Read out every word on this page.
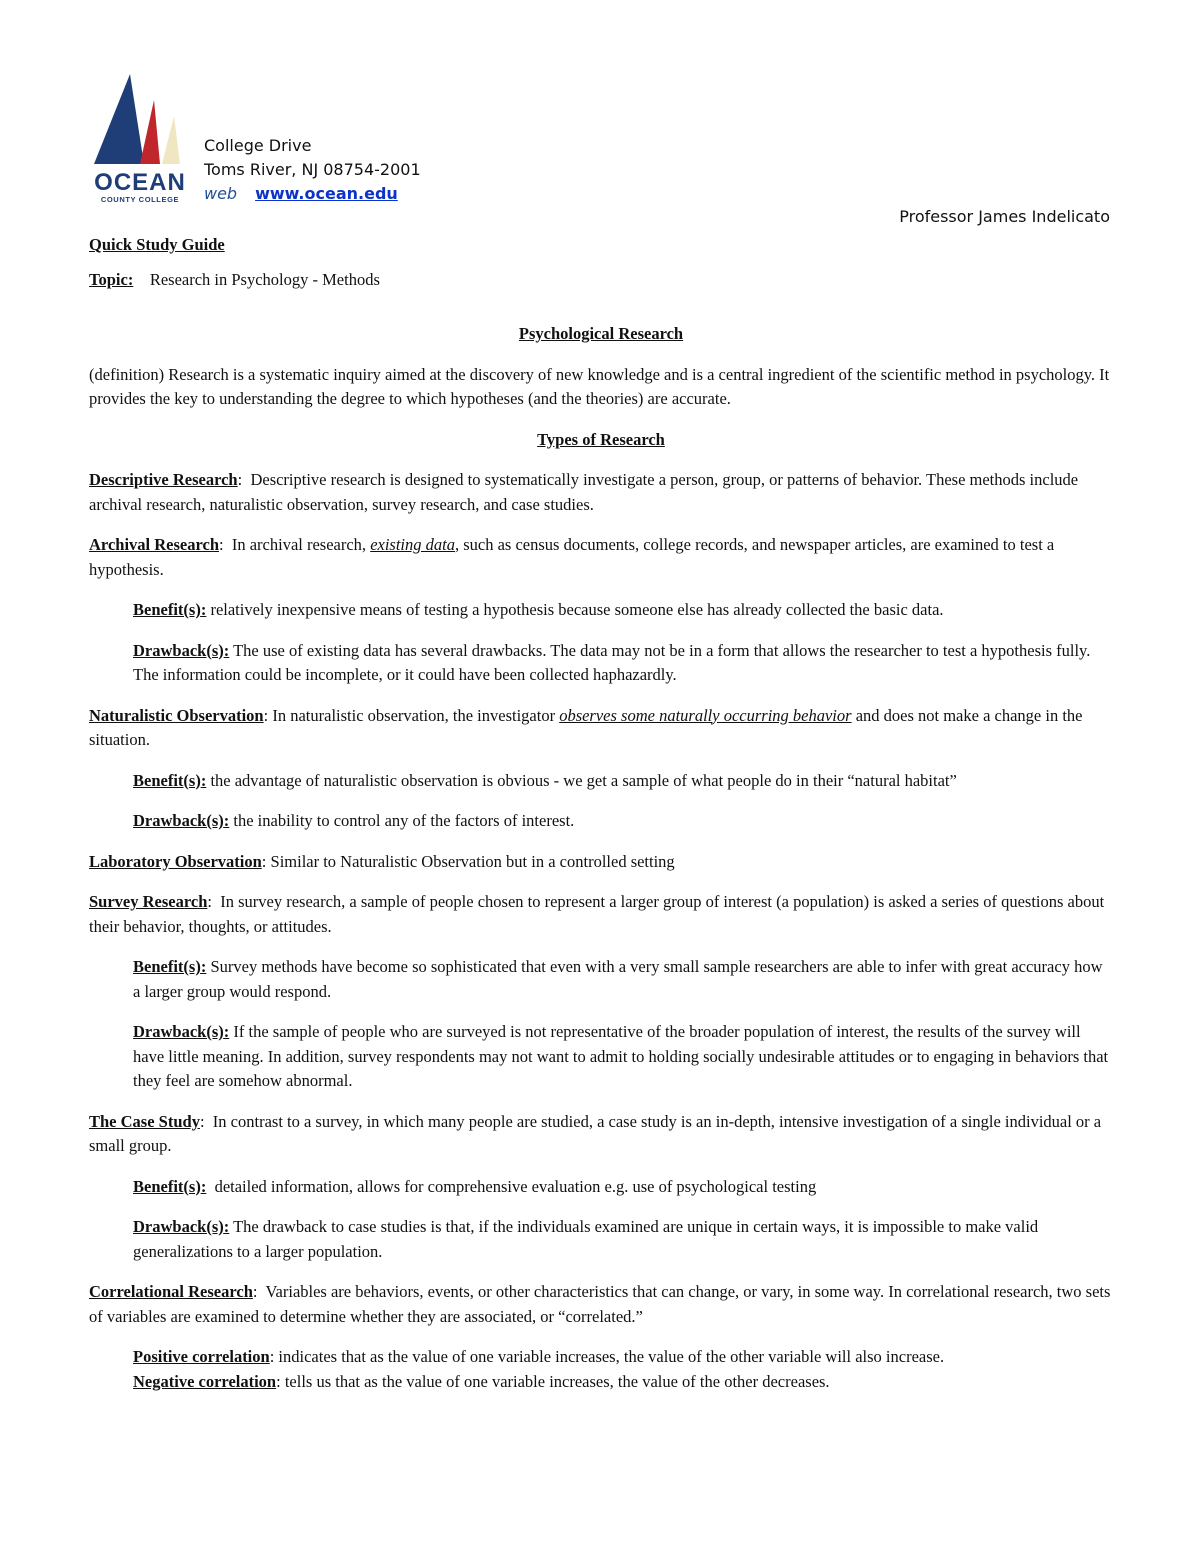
OCEAN
COUNTY COLLEGE
College Drive
Toms River, NJ 08754-2001
web www.ocean.edu
Professor James Indelicato

Quick Study Guide

Topic: Research in Psychology - Methods

Psychological Research

(definition) Research is a systematic inquiry aimed at the discovery of new knowledge and is a central ingredient of the scientific method in psychology. It provides the key to understanding the degree to which hypotheses (and the theories) are accurate.

Types of Research

Descriptive Research:  Descriptive research is designed to systematically investigate a person, group, or patterns of behavior. These methods include archival research, naturalistic observation, survey research, and case studies.

Archival Research:  In archival research, existing data, such as census documents, college records, and newspaper articles, are examined to test a hypothesis.

Benefit(s): relatively inexpensive means of testing a hypothesis because someone else has already collected the basic data.

Drawback(s): The use of existing data has several drawbacks. The data may not be in a form that allows the researcher to test a hypothesis fully. The information could be incomplete, or it could have been collected haphazardly.

Naturalistic Observation: In naturalistic observation, the investigator observes some naturally occurring behavior and does not make a change in the situation.

Benefit(s): the advantage of naturalistic observation is obvious - we get a sample of what people do in their “natural habitat”

Drawback(s): the inability to control any of the factors of interest.

Laboratory Observation: Similar to Naturalistic Observation but in a controlled setting

Survey Research:  In survey research, a sample of people chosen to represent a larger group of interest (a population) is asked a series of questions about their behavior, thoughts, or attitudes.

Benefit(s): Survey methods have become so sophisticated that even with a very small sample researchers are able to infer with great accuracy how a larger group would respond.

Drawback(s): If the sample of people who are surveyed is not representative of the broader population of interest, the results of the survey will have little meaning. In addition, survey respondents may not want to admit to holding socially undesirable attitudes or to engaging in behaviors that they feel are somehow abnormal.

The Case Study:  In contrast to a survey, in which many people are studied, a case study is an in-depth, intensive investigation of a single individual or a small group.

Benefit(s): detailed information, allows for comprehensive evaluation e.g. use of psychological testing

Drawback(s): The drawback to case studies is that, if the individuals examined are unique in certain ways, it is impossible to make valid generalizations to a larger population.

Correlational Research:  Variables are behaviors, events, or other characteristics that can change, or vary, in some way. In correlational research, two sets of variables are examined to determine whether they are associated, or “correlated.”

Positive correlation: indicates that as the value of one variable increases, the value of the other variable will also increase.

Negative correlation: tells us that as the value of one variable increases, the value of the other decreases.
